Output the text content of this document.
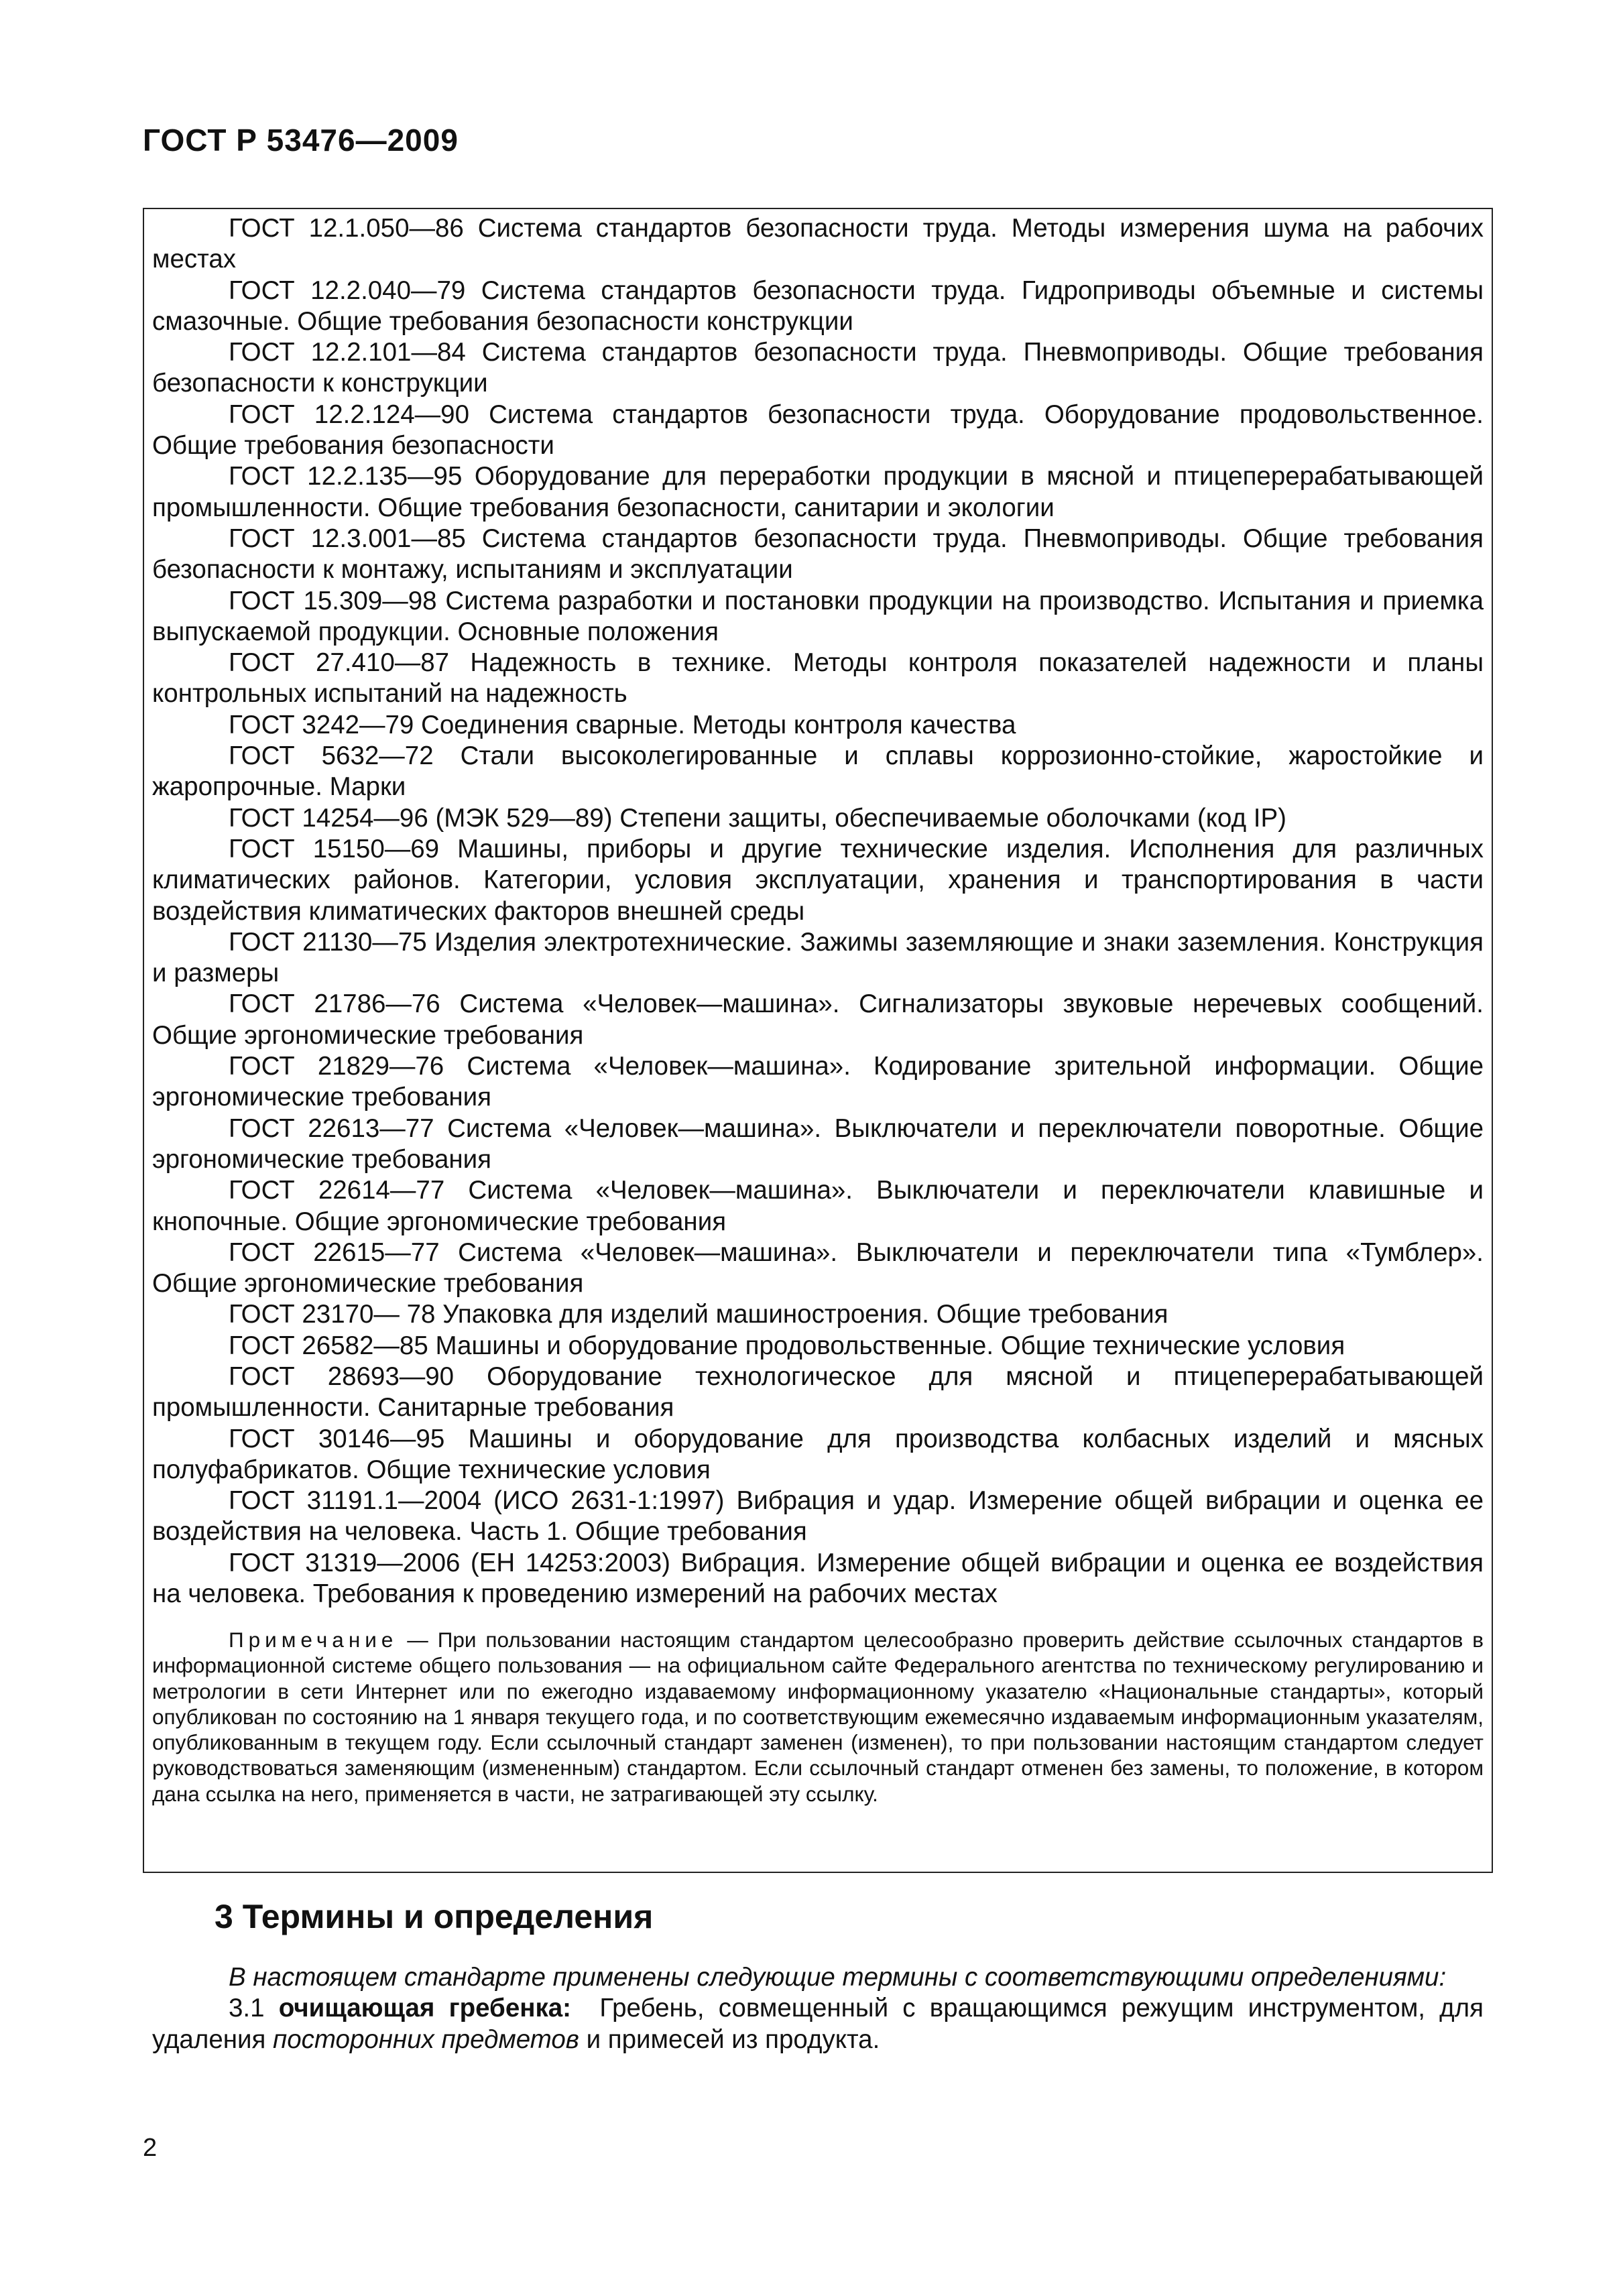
ГОСТ Р 53476—2009

ГОСТ 12.1.050—86 Система стандартов безопасности труда. Методы измерения шума на рабочих местах

ГОСТ 12.2.040—79 Система стандартов безопасности труда. Гидроприводы объемные и системы смазочные. Общие требования безопасности конструкции

ГОСТ 12.2.101—84 Система стандартов безопасности труда. Пневмоприводы. Общие требования безопасности к конструкции

ГОСТ 12.2.124—90 Система стандартов безопасности труда. Оборудование продовольственное. Общие требования безопасности

ГОСТ 12.2.135—95 Оборудование для переработки продукции в мясной и птицеперерабатывающей промышленности. Общие требования безопасности, санитарии и экологии

ГОСТ 12.3.001—85 Система стандартов безопасности труда. Пневмоприводы. Общие требования безопасности к монтажу, испытаниям и эксплуатации

ГОСТ 15.309—98 Система разработки и постановки продукции на производство. Испытания и приемка выпускаемой продукции. Основные положения

ГОСТ 27.410—87 Надежность в технике. Методы контроля показателей надежности и планы контрольных испытаний на надежность

ГОСТ 3242—79 Соединения сварные. Методы контроля качества

ГОСТ 5632—72 Стали высоколегированные и сплавы коррозионно-стойкие, жаростойкие и жаропрочные. Марки

ГОСТ 14254—96 (МЭК 529—89) Степени защиты, обеспечиваемые оболочками (код IP)

ГОСТ 15150—69 Машины, приборы и другие технические изделия. Исполнения для различных климатических районов. Категории, условия эксплуатации, хранения и транспортирования в части воздействия климатических факторов внешней среды

ГОСТ 21130—75 Изделия электротехнические. Зажимы заземляющие и знаки заземления. Конструкция и размеры

ГОСТ 21786—76 Система «Человек—машина». Сигнализаторы звуковые неречевых сообщений. Общие эргономические требования

ГОСТ 21829—76 Система «Человек—машина». Кодирование зрительной информации. Общие эргономические требования

ГОСТ 22613—77 Система «Человек—машина». Выключатели и переключатели поворотные. Общие эргономические требования

ГОСТ 22614—77 Система «Человек—машина». Выключатели и переключатели клавишные и кнопочные. Общие эргономические требования

ГОСТ 22615—77 Система «Человек—машина». Выключатели и переключатели типа «Тумблер». Общие эргономические требования

ГОСТ 23170— 78 Упаковка для изделий машиностроения. Общие требования

ГОСТ 26582—85 Машины и оборудование продовольственные. Общие технические условия

ГОСТ 28693—90 Оборудование технологическое для мясной и птицеперерабатывающей промышленности. Санитарные требования

ГОСТ 30146—95 Машины и оборудование для производства колбасных изделий и мясных полуфабрикатов. Общие технические условия

ГОСТ 31191.1—2004 (ИСО 2631-1:1997) Вибрация и удар. Измерение общей вибрации и оценка ее воздействия на человека. Часть 1. Общие требования

ГОСТ 31319—2006 (ЕН 14253:2003) Вибрация. Измерение общей вибрации и оценка ее воздействия на человека. Требования к проведению измерений на рабочих местах

Примечание — При пользовании настоящим стандартом целесообразно проверить действие ссылочных стандартов в информационной системе общего пользования — на официальном сайте Федерального агентства по техническому регулированию и метрологии в сети Интернет или по ежегодно издаваемому информационному указателю «Национальные стандарты», который опубликован по состоянию на 1 января текущего года, и по соответствующим ежемесячно издаваемым информационным указателям, опубликованным в текущем году. Если ссылочный стандарт заменен (изменен), то при пользовании настоящим стандартом следует руководствоваться заменяющим (измененным) стандартом. Если ссылочный стандарт отменен без замены, то положение, в котором дана ссылка на него, применяется в части, не затрагивающей эту ссылку.

3 Термины и определения

В настоящем стандарте применены следующие термины с соответствующими определениями:

3.1 очищающая гребенка: Гребень, совмещенный с вращающимся режущим инструментом, для удаления посторонних предметов и примесей из продукта.

2
